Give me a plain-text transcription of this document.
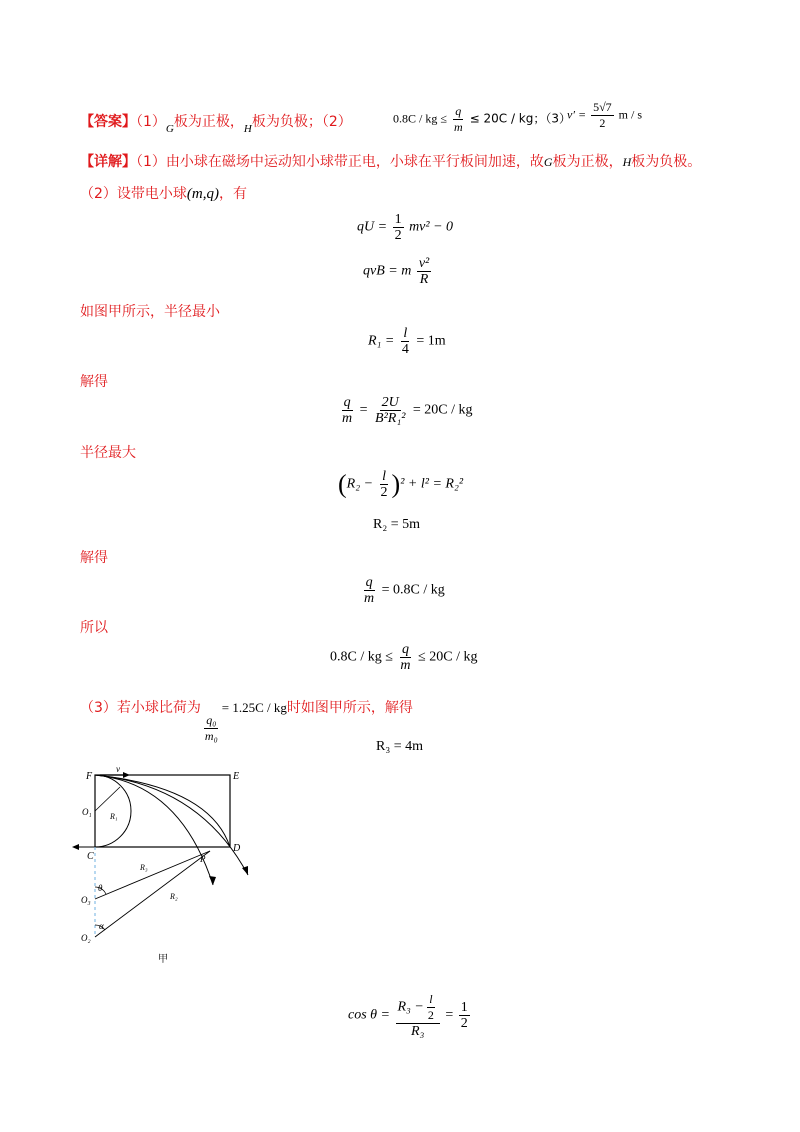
【答案】$(1)_G$板为正极，$_H$板为负极；（2）	0.8C / kg ≤ $\frac{q}{m} \le 20C$ / kg；（3）
$v' = \frac{5√7}{2}$ m / s
【详解】（1）由小球在磁场中运动知小球带正电，小球在平行板间加速，故G板为正极，H板为负极。
（2）设带电小球(m,q)，有
qU = $\frac{1}{2} mv^2 - 0$
qvB = m $\frac{\text{v²}}{R}$
如图甲所示，半径最小
$R_1 = \frac{l}{4} = 1m$
解得
$\frac{q}{m} = \frac{2U}{\text{B²R₁²}} = 20C$ / kg
半径最大
$(R_2 - \frac{l}{2} )^2 + l^2 = R_2^2$
R₂ = 5m
解得
$\frac{q}{m} = 0.8C$ / kg
所以
0.8C / kg ≤ $\frac{q}{m} \le 20C$ / kg
（3）若小球比荷为
$\frac{\text{q₀}}{\text{m₀}}$
= 1.25C / kg时如图甲所示，解得
R₃ = 4m
F
v
E
O₁ R₁
C
D
P
R₃
O₃
θ
R₂
α
O₂
甲
$\cos \theta = \frac{R_3 - \frac{l}{2}}{\text{R₃}} = \frac{1}{2}$
